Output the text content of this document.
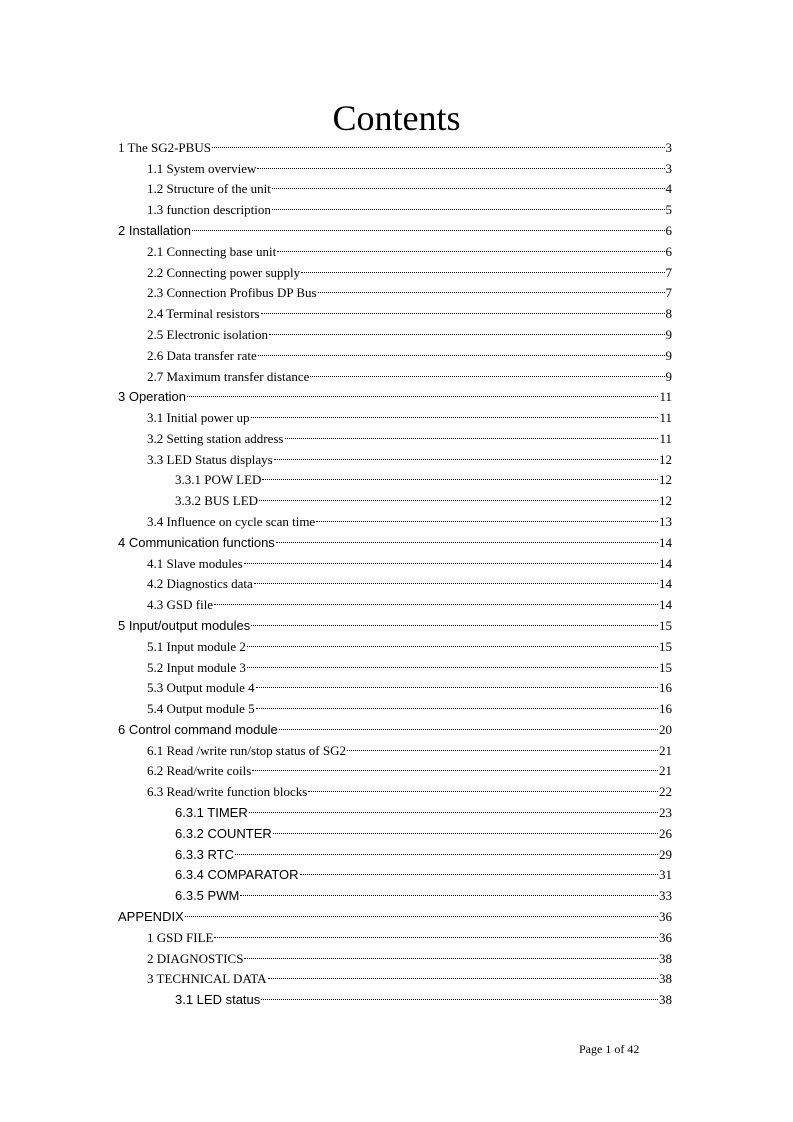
Contents
1 The SG2-PBUS	3
1.1 System overview	3
1.2 Structure of the unit	4
1.3 function description	5
2 Installation	6
2.1 Connecting base unit	6
2.2 Connecting power supply	7
2.3 Connection Profibus DP Bus	7
2.4 Terminal resistors	8
2.5 Electronic isolation	9
2.6 Data transfer rate	9
2.7 Maximum transfer distance	9
3 Operation	11
3.1 Initial power up	11
3.2 Setting station address	11
3.3 LED Status displays	12
3.3.1 POW LED	12
3.3.2 BUS LED	12
3.4 Influence on cycle scan time	13
4 Communication functions	14
4.1 Slave modules	14
4.2 Diagnostics data	14
4.3 GSD file	14
5 Input/output modules	15
5.1 Input module 2	15
5.2 Input module 3	15
5.3 Output module 4	16
5.4 Output module 5	16
6 Control command module	20
6.1 Read /write run/stop status of SG2	21
6.2 Read/write coils	21
6.3 Read/write function blocks	22
6.3.1 TIMER	23
6.3.2 COUNTER	26
6.3.3 RTC	29
6.3.4 COMPARATOR	31
6.3.5 PWM	33
APPENDIX	36
1 GSD FILE	36
2 DIAGNOSTICS	38
3 TECHNICAL DATA	38
3.1 LED status	38
Page 1 of 42
